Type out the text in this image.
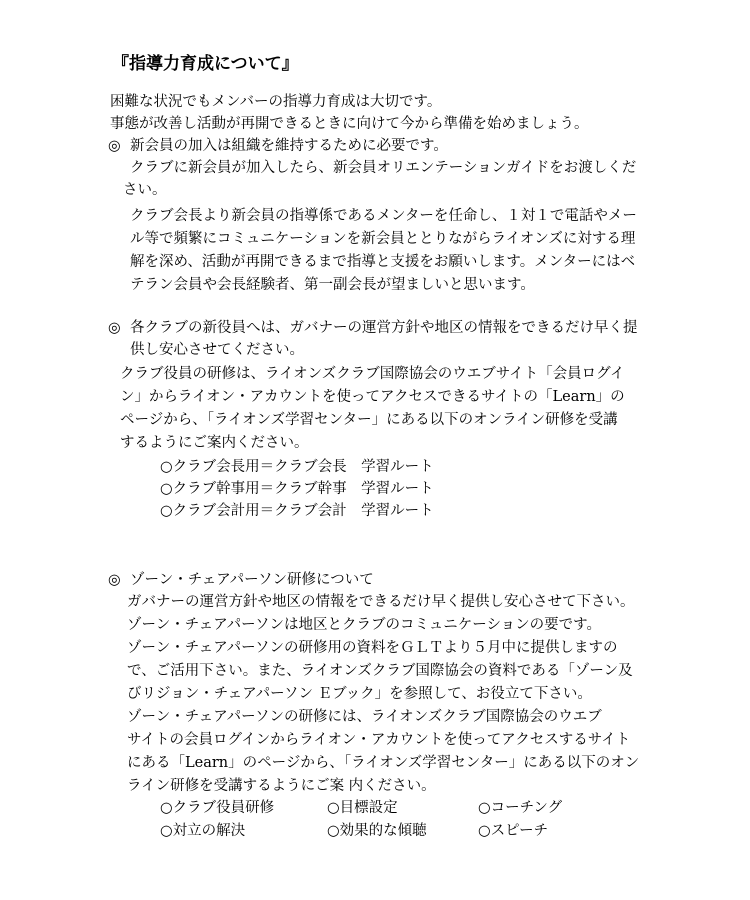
『指導力育成について』
困難な状況でもメンバーの指導力育成は大切です。
事態が改善し活動が再開できるときに向けて今から準備を始めましょう。
◎ 新会員の加入は組織を維持するために必要です。
クラブに新会員が加入したら、新会員オリエンテーションガイドをお渡しくだ
さい。
クラブ会長より新会員の指導係であるメンターを任命し、１対１で電話やメー
ル等で頻繁にコミュニケーションを新会員ととりながらライオンズに対する理
解を深め、活動が再開できるまで指導と支援をお願いします。メンターにはベ
テラン会員や会長経験者、第一副会長が望ましいと思います。
◎ 各クラブの新役員へは、ガバナーの運営方針や地区の情報をできるだけ早く提
供し安心させてください。
クラブ役員の研修は、ライオンズクラブ国際協会のウエブサイト「会員ログイ
ン」からライオン・アカウントを使ってアクセスできるサイトの「Learn」の
ページから、「ライオンズ学習センター」にある以下のオンライン研修を受講
するようにご案内ください。
○クラブ会長用＝クラブ会長　学習ルート
○クラブ幹事用＝クラブ幹事　学習ルート
○クラブ会計用＝クラブ会計　学習ルート
◎ ゾーン・チェアパーソン研修について
ガバナーの運営方針や地区の情報をできるだけ早く提供し安心させて下さい。
ゾーン・チェアパーソンは地区とクラブのコミュニケーションの要です。
ゾーン・チェアパーソンの研修用の資料をＧＬＴより５月中に提供しますの
で、ご活用下さい。また、ライオンズクラブ国際協会の資料である「ゾーン及
びリジョン・チェアパーソン Ｅブック」を参照して、お役立て下さい。
ゾーン・チェアパーソンの研修には、ライオンズクラブ国際協会のウエブ
サイトの会員ログインからライオン・アカウントを使ってアクセスするサイト
にある「Learn」のページから、「ライオンズ学習センター」にある以下のオン
ライン研修を受講するようにご案 内ください。
○クラブ役員研修	○目標設定	○コーチング
○対立の解決	○効果的な傾聴	○スピーチ
